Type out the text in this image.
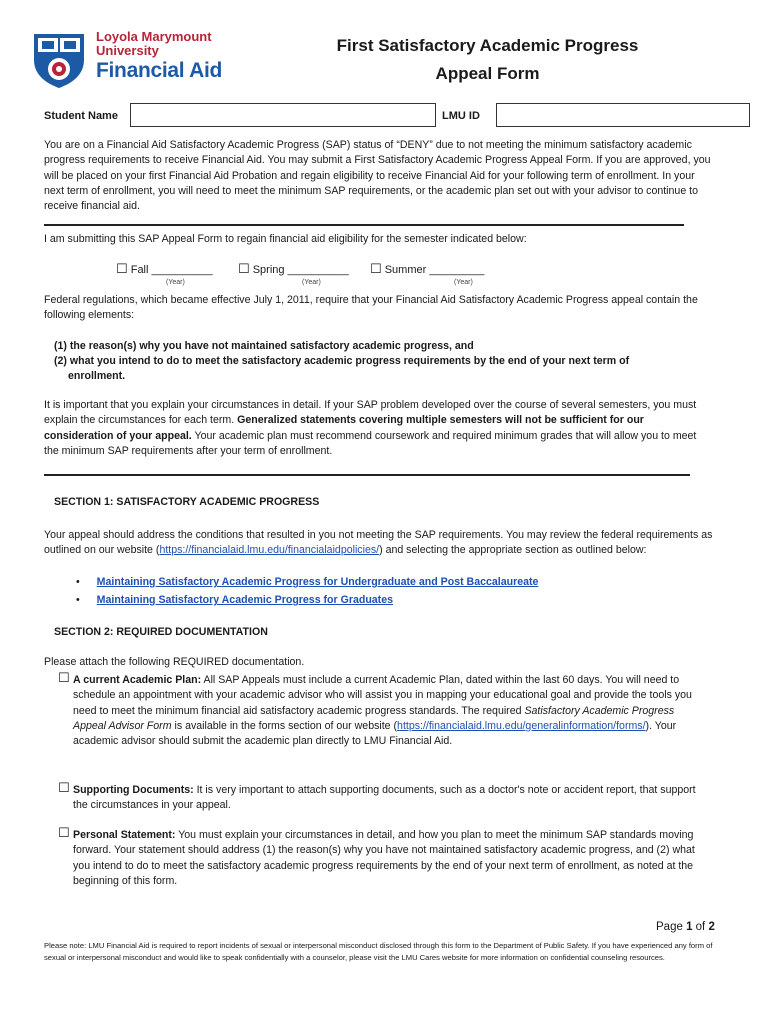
Loyola Marymount
University
Financial Aid
First Satisfactory Academic Progress
Appeal Form
Student Name	LMU ID
You are on a Financial Aid Satisfactory Academic Progress (SAP) status of “DENY” due to not meeting the minimum satisfactory academic progress requirements to receive Financial Aid. You may submit a First Satisfactory Academic Progress Appeal Form. If you are approved, you will be placed on your first Financial Aid Probation and regain eligibility to receive Financial Aid for your following term of enrollment. In your next term of enrollment, you will need to meet the minimum SAP requirements, or the academic plan set out with your advisor to continue to receive financial aid.
I am submitting this SAP Appeal Form to regain financial aid eligibility for the semester indicated below:
☐ Fall __________
(Year)
☐ Spring __________
(Year)
☐ Summer _________
(Year)
Federal regulations, which became effective July 1, 2011, require that your Financial Aid Satisfactory Academic Progress appeal contain the following elements:
(1) the reason(s) why you have not maintained satisfactory academic progress, and
(2) what you intend to do to meet the satisfactory academic progress requirements by the end of your next term of
enrollment.
It is important that you explain your circumstances in detail. If your SAP problem developed over the course of several semesters, you must explain the circumstances for each term. Generalized statements covering multiple semesters will not be sufficient for our consideration of your appeal. Your academic plan must recommend coursework and required minimum grades that will allow you to meet the minimum SAP requirements after your term of enrollment.
SECTION 1: SATISFACTORY ACADEMIC PROGRESS
Your appeal should address the conditions that resulted in you not meeting the SAP requirements. You may review the federal requirements as outlined on our website (https://financialaid.lmu.edu/financialaidpolicies/) and selecting the appropriate section as outlined below:
• Maintaining Satisfactory Academic Progress for Undergraduate and Post Baccalaureate
• Maintaining Satisfactory Academic Progress for Graduates
SECTION 2: REQUIRED DOCUMENTATION
Please attach the following REQUIRED documentation.
☐ A current Academic Plan: All SAP Appeals must include a current Academic Plan, dated within the last 60 days. You will need to schedule an appointment with your academic advisor who will assist you in mapping your educational goal and provide the tools you need to meet the minimum financial aid satisfactory academic progress standards. The required Satisfactory Academic Progress Appeal Advisor Form is available in the forms section of our website (https://financialaid.lmu.edu/generalinformation/forms/). Your academic advisor should submit the academic plan directly to LMU Financial Aid.
☐ Supporting Documents: It is very important to attach supporting documents, such as a doctor's note or accident report, that support the circumstances in your appeal.
☐ Personal Statement: You must explain your circumstances in detail, and how you plan to meet the minimum SAP standards moving forward. Your statement should address (1) the reason(s) why you have not maintained satisfactory academic progress, and (2) what you intend to do to meet the satisfactory academic progress requirements by the end of your next term of enrollment, as noted at the beginning of this form.
Page 1 of 2
Please note: LMU Financial Aid is required to report incidents of sexual or interpersonal misconduct disclosed through this form to the Department of Public Safety. If you have experienced any form of sexual or interpersonal misconduct and would like to speak confidentially with a counselor, please visit the LMU Cares website for more information on confidential counseling resources.
